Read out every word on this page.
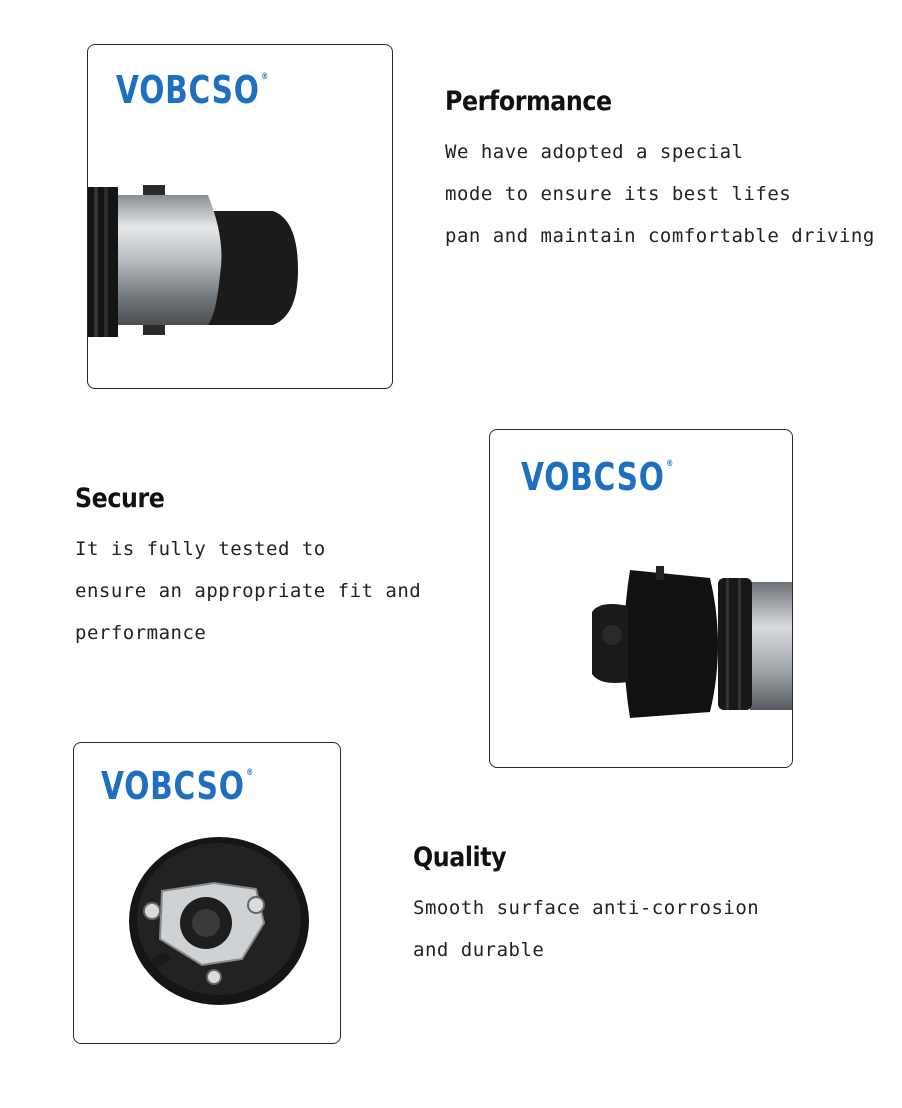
VOBCSO ®
Performance

We have adopted a special

mode to ensure its best lifes

pan and maintain comfortable driving

Secure

It is fully tested to

ensure an appropriate fit and

performance

VOBCSO ®
VOBCSO ®
Quality

Smooth surface anti-corrosion

and durable
